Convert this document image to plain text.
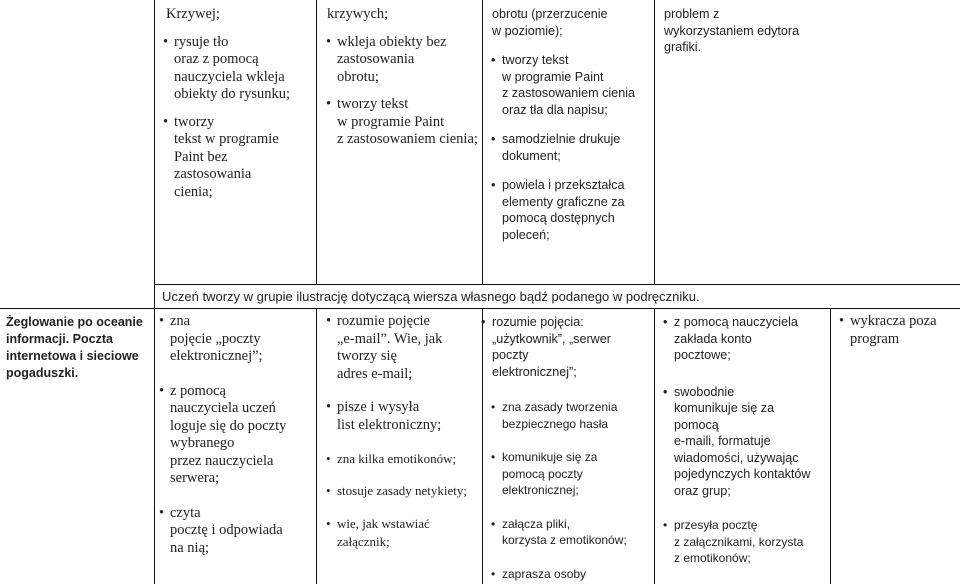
Krzywej;
• rysuje tło
oraz z pomocą
nauczyciela wkleja
obiekty do rysunku;
• tworzy
tekst w programie
Paint bez
zastosowania
cienia;
krzywych;
• wkleja obiekty bez
zastosowania
obrotu;
• tworzy tekst
w programie Paint
z zastosowaniem cienia;
obrotu (przerzucenie
w poziomie);
• tworzy tekst
w programie Paint
z zastosowaniem cienia
oraz tła dla napisu;
• samodzielnie drukuje
dokument;
• powiela i przekształca
elementy graficzne za
pomocą dostępnych
poleceń;
problem z
wykorzystaniem edytora
grafiki.
Uczeń tworzy w grupie ilustrację dotyczącą wiersza własnego bądź podanego w podręczniku.
Żeglowanie po oceanie informacji. Poczta internetowa i sieciowe pogaduszki.
• zna
pojęcie „poczty
elektronicznej”;
• z pomocą
nauczyciela uczeń
loguje się do poczty
wybranego
przez nauczyciela
serwera;
• czyta
pocztę i odpowiada
na nią;
• rozumie pojęcie
„e-mail”. Wie, jak
tworzy się
adres e-mail;
• pisze i wysyła
list elektroniczny;
• zna kilka emotikonów;
• stosuje zasady netykiety;
• wie, jak wstawiać
załącznik;
• rozumie pojęcia:
„użytkownik”, „serwer
poczty
elektronicznej”;
• zna zasady tworzenia
bezpiecznego hasła
• komunikuje się za
pomocą poczty
elektronicznej;
• załącza pliki,
korzysta z emotikonów;
• zaprasza osoby
• z pomocą nauczyciela
zakłada konto
pocztowe;
• swobodnie
komunikuje się za
pomocą
e-maili, formatuje
wiadomości, używając
pojedynczych kontaktów
oraz grup;
• przesyła pocztę
z załącznikami, korzysta
z emotikonów;
• wykracza poza
program
